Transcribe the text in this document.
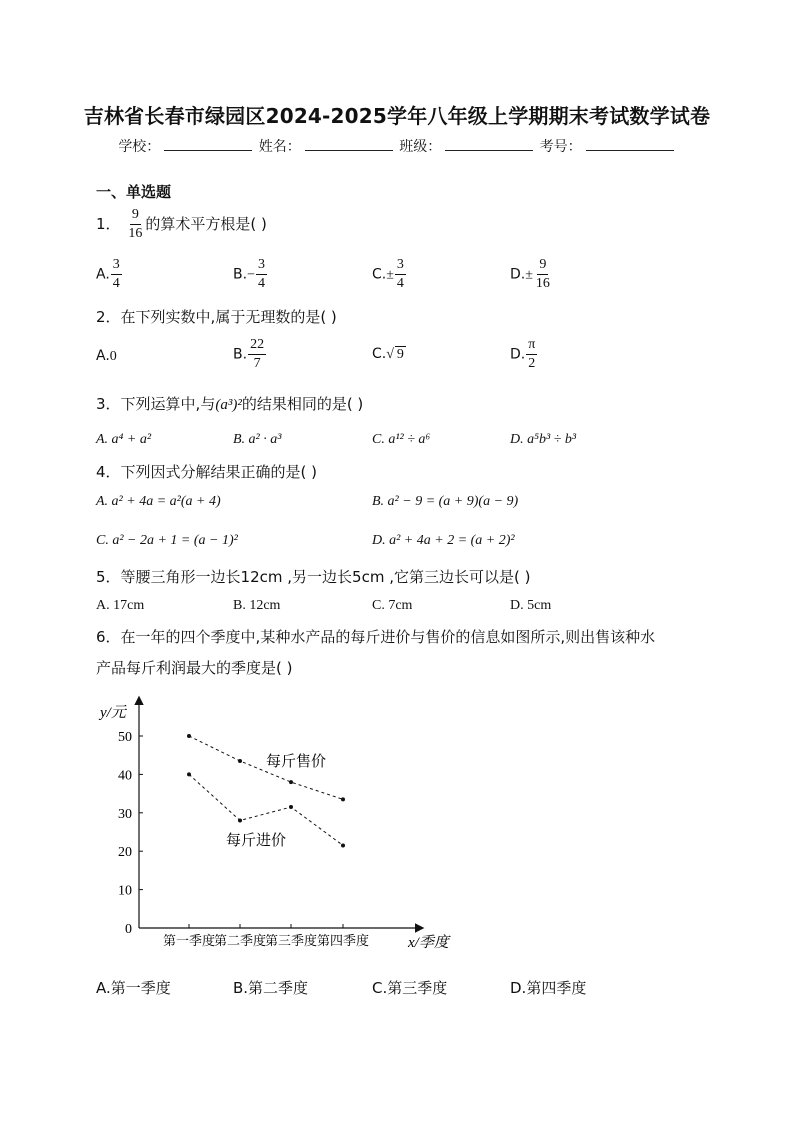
吉林省长春市绿园区2024-2025学年八年级上学期期末考试数学试卷
学校：	姓名：	班级：	考号：
一、单选题
1． $\frac{9}{16}$ 的算术平方根是( )
A. $\frac{3}{4}$	$B.- \frac{3}{4}$	$C.\pm \frac{3}{4}$	$D.\pm \frac{9}{16}$
2．在下列实数中,属于无理数的是( )
A.0	B. $\frac{22}{7}$	C.√ 9	D. $\frac{\pi}{2}$
3．下列运算中,与(a³)²的结果相同的是( )
A. a⁴ + a²	B. a² · a³	C. a¹² ÷ a⁶	D. a⁵b³ ÷ b³
4．下列因式分解结果正确的是( )
A. a² + 4a = a²(a + 4)	B. a² − 9 = (a + 9)(a − 9)
C. a² − 2a + 1 = (a − 1)²	D. a² + 4a + 2 = (a + 2)²
5．等腰三角形一边长12cm ,另一边长5cm ,它第三边长可以是( )
A. 17cm	B. 12cm	C. 7cm	D. 5cm
6．在一年的四个季度中,某种水产品的每斤进价与售价的信息如图所示,则出售该种水
产品每斤利润最大的季度是( )
y/元
x/季度
0
10
20
30
40
50
第一季度
第二季度
第三季度 第四季度
每斤售价
每斤进价
A.第一季度	B.第二季度	C.第三季度	D.第四季度
